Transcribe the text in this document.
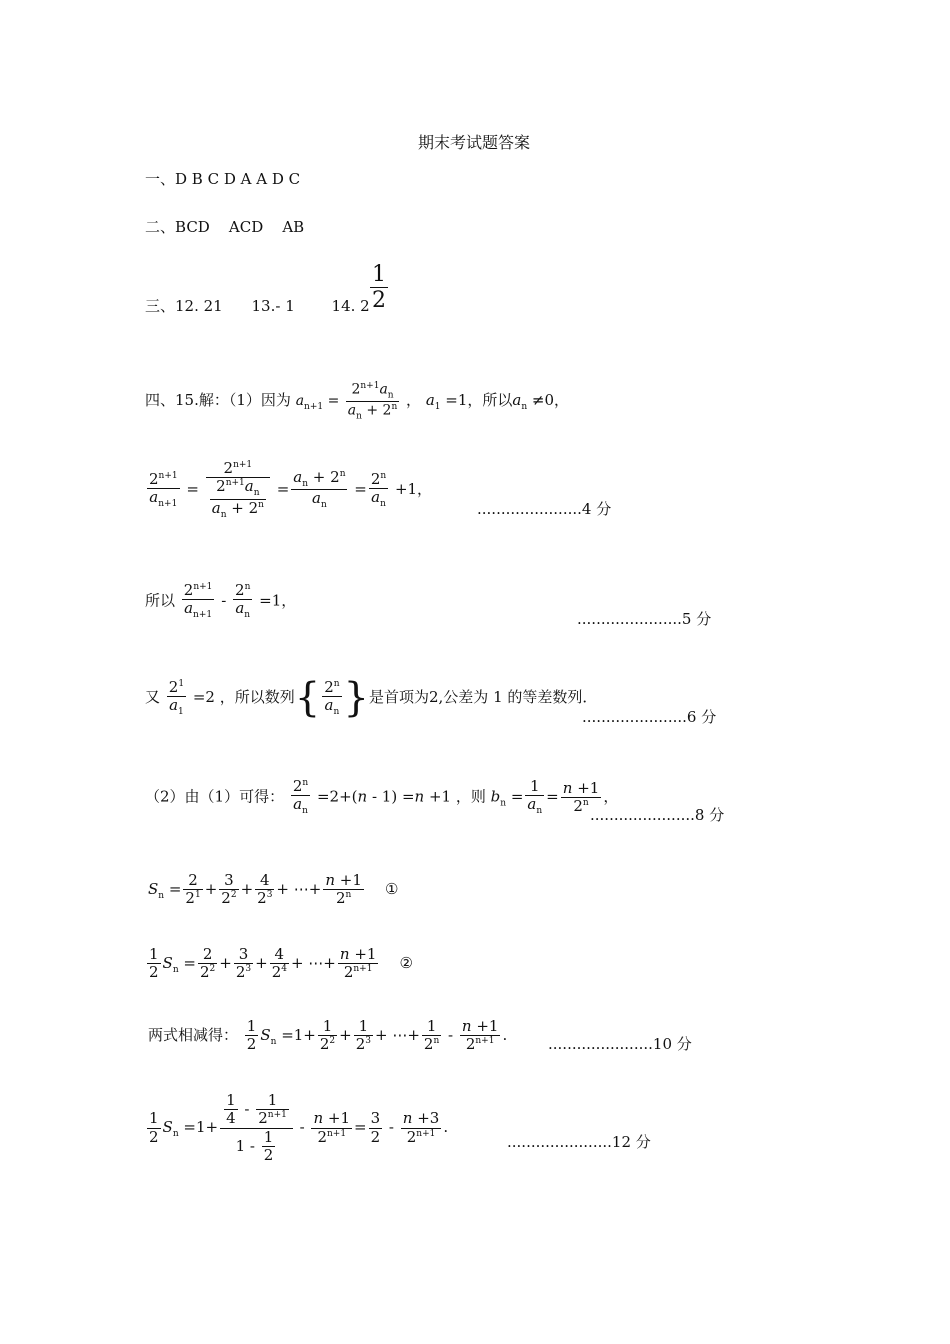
期末考试题答案
一、D B C D A A D C
二、BCD ACD AB
三、12. 21 13.- 1 14. $2 \frac{1}{2}$
四、15.解：（1）因为 $a_{n+1} = \frac{2^{n+1}a_n}{a_n + 2^n}$ ， $a_1 =1$，所以$a_n \ne 0$，
$\frac{2^{n+1}}{a_{n+1}}$ =
$2^{n+1}$
$\frac{2^{n+1}a_n}{a_n + 2^n} = \frac{a_n + 2^n}{a_n} = \frac{2^n}{a_n} +1$，
......................4 分
所以 $\frac{2^{n+1}}{a_{n+1}} - \frac{2^n}{a_n} =1$，
......................5 分
又 $\frac{2^1}{a_1} =2$ ，所以数列{ $\frac{2^n}{a_n}$ }是首项为2,公差为 1 的等差数列．
......................6 分
（2）由（1）可得： $\frac{2^n}{a_n} =2+(n - 1) =n +1$ ，则 $b_n = \frac{1}{a_n} = \frac{n +1}{2^n}$ ，
......................8 分
$S_n = \frac{2}{2^1} + \frac{3}{2^2} + \frac{4}{2^3}$ + ⋯+ $\frac{n +1}{2^n}$ ①
$\frac{1}{2} S_n = \frac{2}{2^2} + \frac{3}{2^3} + \frac{4}{2^4}$ + ⋯+ $\frac{n +1}{2^{n+1}}$ ②
两式相减得： $\frac{1}{2} S_n =1+ \frac{1}{2^2} + \frac{1}{2^3}$ + ⋯+ $\frac{1}{2^n} - \frac{n +1}{2^{n+1}}$ .
......................10 分
$\frac{1}{2} S_n =1+ \frac{\frac{1}{4} - \frac{1}{2^{n+1}}}{1 - \frac{1}{2}} - \frac{n +1}{2^{n+1}} = \frac{3}{2} - \frac{n +3}{2^{n+1}}$ .
......................12 分
